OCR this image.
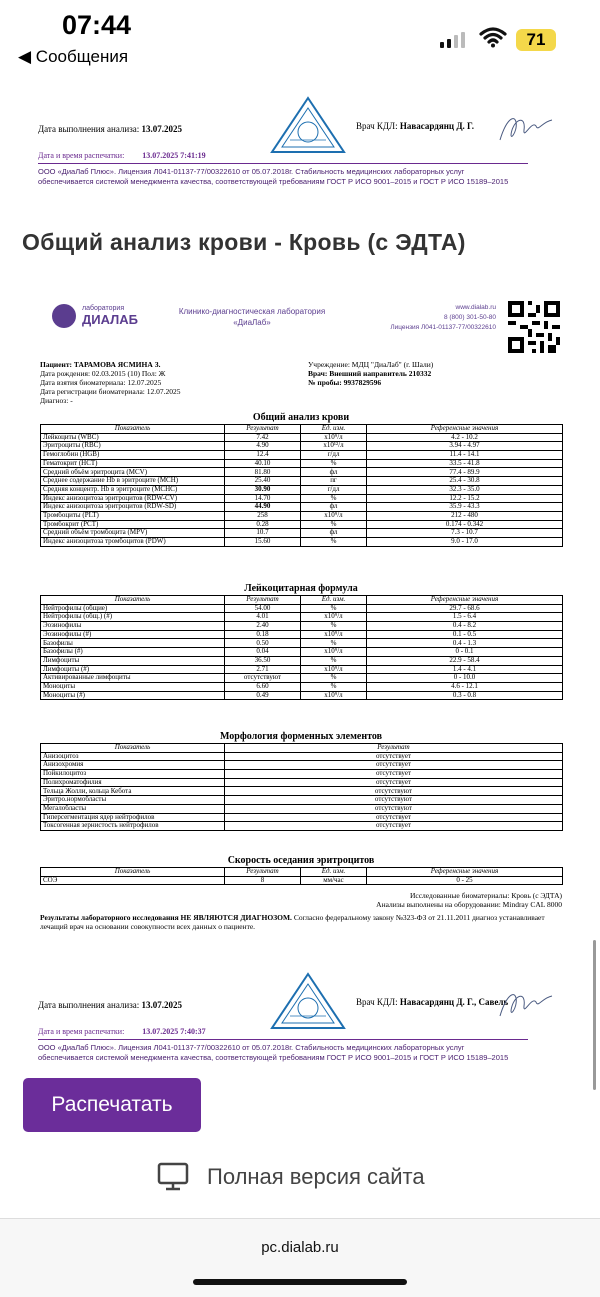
07:44
◀ Сообщения
71
Дата выполнения анализа: 13.07.2025	Врач КДЛ: Навасардянц Д. Г.
Дата и время распечатки: 13.07.2025 7:41:19
ООО «ДиаЛаб Плюс». Лицензия Л041-01137-77/00322610 от 05.07.2018г. Стабильность медицинских лабораторных услуг
обеспечивается системой менеджмента качества, соответствующей требованиям ГОСТ Р ИСО 9001–2015 и ГОСТ Р ИСО 15189–2015
Общий анализ крови - Кровь (с ЭДТА)
лаборатория
ДИАЛАБ
Клинико-диагностическая лаборатория
«ДиаЛаб»
www.dialab.ru
8 (800) 301-50-80
Лицензия Л041-01137-77/00322610
Пациент: ТАРАМОВА ЯСМИНА З.
Дата рождения: 02.03.2015 (10) Пол: Ж
Дата взятия биоматериала: 12.07.2025
Дата регистрации биоматериала: 12.07.2025
Диагноз: -
Учреждение: МДЦ "ДиаЛаб" (г. Шали)
Врач: Внешний направитель 210332
№ пробы: 9937829596
Общий анализ крови
Показатель	Результат	Ед. изм.	Референсные значения
Лейкоциты (WBC)	7.42	x10⁹/л	4.2 - 10.2
Эритроциты (RBC)	4.90	x10¹²/л	3.94 - 4.97
Гемоглобин (HGB)	12.4	г/дл	11.4 - 14.1
Гематокрит (HCT)	40.10	%	33.5 - 41.8
Средний объём эритроцита (MCV)	81.80	фл	77.4 - 89.9
Среднее содержание Hb в эритроците (MCH)	25.40	пг	25.4 - 30.8
Средняя концентр. Hb в эритроците (MCHC)	30.90	г/дл	32.3 - 35.0
Индекс анизоцитоза эритроцитов (RDW-CV)	14.70	%	12.2 - 15.2
Индекс анизоцитоза эритроцитов (RDW-SD)	44.90	фл	35.9 - 43.3
Тромбоциты (PLT)	258	x10⁹/л	212 - 480
Тромбокрит (PCT)	0.28	%	0.174 - 0.342
Средний объём тромбоцита (MPV)	10.7	фл	7.3 - 10.7
Индекс анизоцитоза тромбоцитов (PDW)	15.60	%	9.0 - 17.0
Лейкоцитарная формула
Показатель	Результат	Ед. изм.	Референсные значения
Нейтрофилы (общие)	54.00	%	29.7 - 68.6
Нейтрофилы (общ.) (#)	4.01	x10⁹/л	1.5 - 6.4
Эозинофилы	2.40	%	0.4 - 8.2
Эозинофилы (#)	0.18	x10⁹/л	0.1 - 0.5
Базофилы	0.50	%	0.4 - 1.3
Базофилы (#)	0.04	x10⁹/л	0 - 0.1
Лимфоциты	36.50	%	22.9 - 58.4
Лимфоциты (#)	2.71	x10⁹/л	1.4 - 4.1
Активированные лимфоциты	отсутствуют	%	0 - 10.0
Моноциты	6.60	%	4.6 - 12.1
Моноциты (#)	0.49	x10⁹/л	0.3 - 0.8
Морфология форменных элементов
Показатель	Результат
Анизоцитоз	отсутствует
Анизохромия	отсутствует
Пойкилоцитоз	отсутствует
Полихроматофилия	отсутствует
Тельца Жолли, кольца Кебота	отсутствуют
Эритро.нормобласты	отсутствуют
Мегалобласты	отсутствуют
Гиперсегментация ядер нейтрофилов	отсутствует
Токсогенная зернистость нейтрофилов	отсутствует
Скорость оседания эритроцитов
Показатель	Результат	Ед. изм.	Референсные значения
СОЭ	8	мм/час	0 - 25
Исследованные биоматериалы: Кровь (с ЭДТА)
Анализы выполнены на оборудовании: Mindray CAL 8000
Результаты лабораторного исследования НЕ ЯВЛЯЮТСЯ ДИАГНОЗОМ. Согласно федеральному закону №323-ФЗ от 21.11.2011 диагноз устанавливает лечащий врач на основании совокупности всех данных о пациенте.
Дата выполнения анализа: 13.07.2025	Врач КДЛ: Навасардянц Д. Г., Савель
Дата и время распечатки: 13.07.2025 7:40:37
ООО «ДиаЛаб Плюс». Лицензия Л041-01137-77/00322610 от 05.07.2018г. Стабильность медицинских лабораторных услуг
обеспечивается системой менеджмента качества, соответствующей требованиям ГОСТ Р ИСО 9001–2015 и ГОСТ Р ИСО 15189–2015
Распечатать
Полная версия сайта
pc.dialab.ru
